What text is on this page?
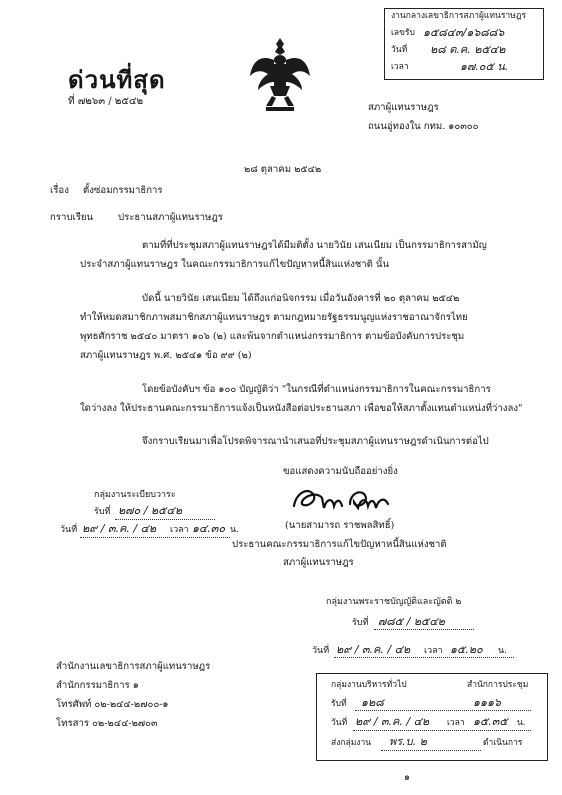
งานกลางเลขาธิการสภาผู้แทนราษฎร
เลขรับ ๑๕๘๔๓/๑๖๘๘๖
วันที่ ๒๘ ต.ค. ๒๕๔๒
เวลา	๑๗.๐๕ น.
ด่วนที่สุด
ที่ ๗๒๖๓ / ๒๕๔๒
สภาผู้แทนราษฎร
ถนนอู่ทองใน กทม. ๑๐๓๐๐
๒๘ ตุลาคม ๒๕๔๒
เรื่อง ตั้งซ่อมกรรมาธิการ
กราบเรียน	ประธานสภาผู้แทนราษฎร
ตามที่ที่ประชุมสภาผู้แทนราษฎรได้มีมติตั้ง นายวินัย เสนเนียม เป็นกรรมาธิการสามัญ
ประจำสภาผู้แทนราษฎร ในคณะกรรมาธิการแก้ไขปัญหาหนี้สินแห่งชาติ นั้น
บัดนี้ นายวินัย เสนเนียม ได้ถึงแก่อนิจกรรม เมื่อวันอังคารที่ ๒๐ ตุลาคม ๒๕๔๒
ทำให้หมดสมาชิกภาพสมาชิกสภาผู้แทนราษฎร ตามกฎหมายรัฐธรรมนูญแห่งราชอาณาจักรไทย
พุทธศักราช ๒๕๔๐ มาตรา ๑๐๖ (๒) และพ้นจากตำแหน่งกรรมาธิการ ตามข้อบังคับการประชุม
สภาผู้แทนราษฎร พ.ศ. ๒๕๔๑ ข้อ ๙๙ (๒)
โดยข้อบังคับฯ ข้อ ๑๐๐ บัญญัติว่า "ในกรณีที่ตำแหน่งกรรมาธิการในคณะกรรมาธิการ
ใดว่างลง ให้ประธานคณะกรรมาธิการแจ้งเป็นหนังสือต่อประธานสภา เพื่อขอให้สภาตั้งแทนตำแหน่งที่ว่างลง"
จึงกราบเรียนมาเพื่อโปรดพิจารณานำเสนอที่ประชุมสภาผู้แทนราษฎรดำเนินการต่อไป
ขอแสดงความนับถืออย่างยิ่ง
กลุ่มงานระเบียบวาระ
รับที่ ๒๗๐ / ๒๕๔๒
วันที่ ๒๙ / ๓.ค. / ๔๒ เวลา ๑๔.๓๐ น.	(นายสามารถ ราชพลสิทธิ์)
ประธานคณะกรรมาธิการแก้ไขปัญหาหนี้สินแห่งชาติ
สภาผู้แทนราษฎร
กลุ่มงานพระราชบัญญัติและญัตติ ๒
รับที่ ๗๘๕ / ๒๕๔๒
วันที่ ๒๙ / ๓.ค. / ๔๒ เวลา ๑๕.๒๐ น.
สำนักงานเลขาธิการสภาผู้แทนราษฎร
สำนักกรรมาธิการ ๑
โทรศัพท์ ๐๒-๒๔๔-๒๗๐๐-๑
โทรสาร ๐๒-๒๔๔-๒๗๐๓
กลุ่มงานบริหารทั่วไป	สำนักการประชุม
รับที่ ๑๒๘	๑๑๑๖
วันที่ ๒๙ / ๓.ค. / ๔๒ เวลา ๑๕.๓๕ น.
ส่งกลุ่มงาน พร.บ. ๒	ดำเนินการ
๑
